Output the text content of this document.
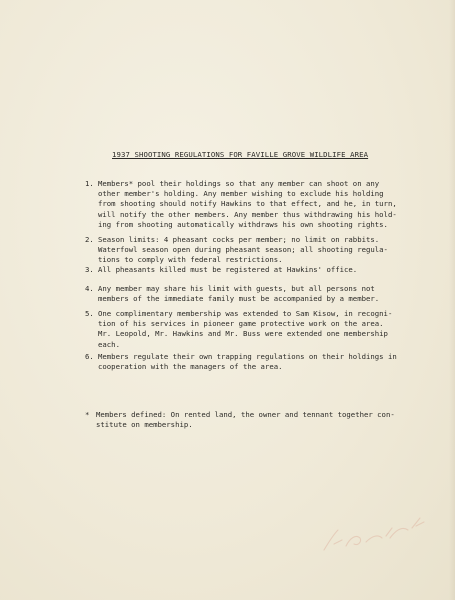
1937 SHOOTING REGULATIONS FOR FAVILLE GROVE WILDLIFE AREA
1. Members* pool their holdings so that any member can shoot on any
other member's holding. Any member wishing to exclude his holding
from shooting should notify Hawkins to that effect, and he, in turn,
will notify the other members. Any member thus withdrawing his hold-
ing from shooting automatically withdraws his own shooting rights.
2. Season limits: 4 pheasant cocks per member; no limit on rabbits.
Waterfowl season open during pheasant season; all shooting regula-
tions to comply with federal restrictions.
3. All pheasants killed must be registered at Hawkins' office.
4. Any member may share his limit with guests, but all persons not
members of the immediate family must be accompanied by a member.
5. One complimentary membership was extended to Sam Kisow, in recogni-
tion of his services in pioneer game protective work on the area.
Mr. Leopold, Mr. Hawkins and Mr. Buss were extended one membership
each.
6. Members regulate their own trapping regulations on their holdings in
cooperation with the managers of the area.
* Members defined: On rented land, the owner and tennant together con-
stitute on membership.
